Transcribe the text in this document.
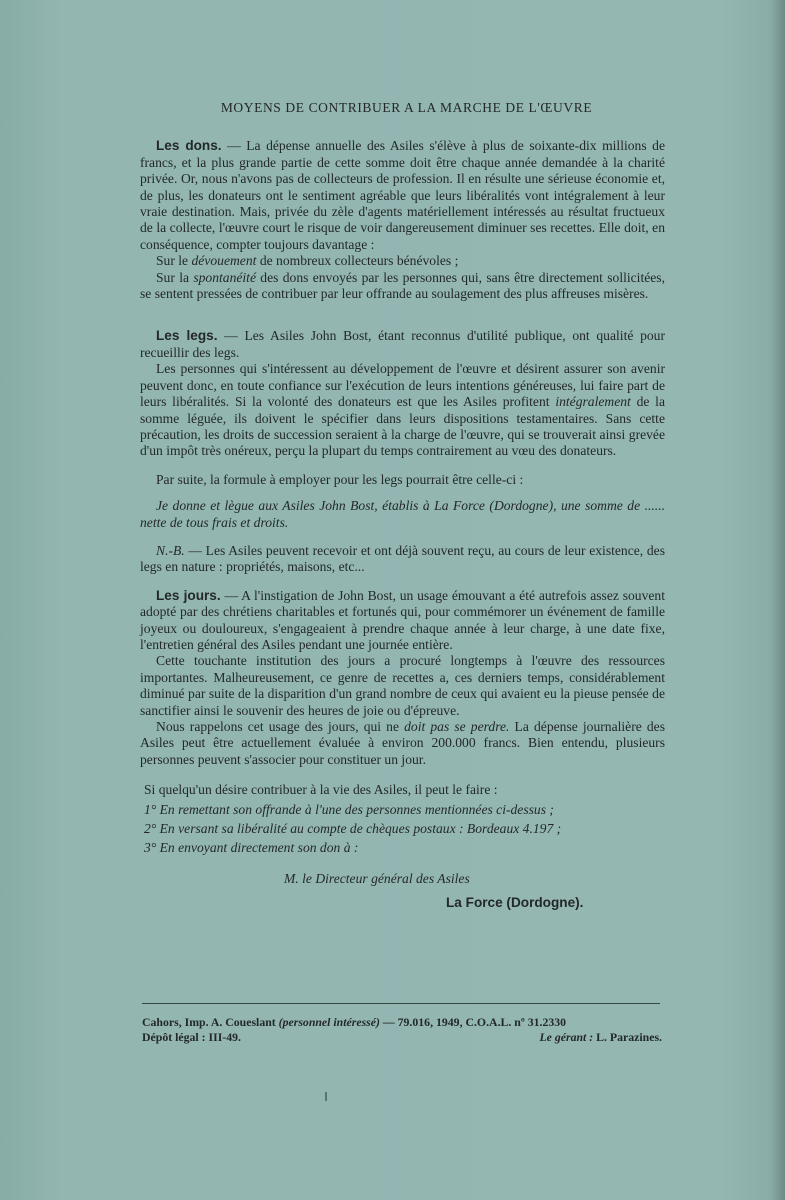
MOYENS DE CONTRIBUER A LA MARCHE DE L'ŒUVRE

Les dons. — La dépense annuelle des Asiles s'élève à plus de soixante-dix millions de francs, et la plus grande partie de cette somme doit être chaque année demandée à la charité privée. Or, nous n'avons pas de collecteurs de profession. Il en résulte une sérieuse économie et, de plus, les donateurs ont le sentiment agréable que leurs libéralités vont intégralement à leur vraie destination. Mais, privée du zèle d'agents matériellement intéressés au résultat fructueux de la collecte, l'œuvre court le risque de voir dangereusement diminuer ses recettes. Elle doit, en conséquence, compter toujours davantage :

Sur le dévouement de nombreux collecteurs bénévoles ;

Sur la spontanéité des dons envoyés par les personnes qui, sans être directement sollicitées, se sentent pressées de contribuer par leur offrande au soulagement des plus affreuses misères.

Les legs. — Les Asiles John Bost, étant reconnus d'utilité publique, ont qualité pour recueillir des legs.

Les personnes qui s'intéressent au développement de l'œuvre et désirent assurer son avenir peuvent donc, en toute confiance sur l'exécution de leurs intentions généreuses, lui faire part de leurs libéralités. Si la volonté des donateurs est que les Asiles profitent intégralement de la somme léguée, ils doivent le spécifier dans leurs dispositions testamentaires. Sans cette précaution, les droits de succession seraient à la charge de l'œuvre, qui se trouverait ainsi grevée d'un impôt très onéreux, perçu la plupart du temps contrairement au vœu des donateurs.

Par suite, la formule à employer pour les legs pourrait être celle-ci :

Je donne et lègue aux Asiles John Bost, établis à La Force (Dordogne), une somme de ...... nette de tous frais et droits.

N.-B. — Les Asiles peuvent recevoir et ont déjà souvent reçu, au cours de leur existence, des legs en nature : propriétés, maisons, etc...

Les jours. — A l'instigation de John Bost, un usage émouvant a été autrefois assez souvent adopté par des chrétiens charitables et fortunés qui, pour commémorer un événement de famille joyeux ou douloureux, s'engageaient à prendre chaque année à leur charge, à une date fixe, l'entretien général des Asiles pendant une journée entière.

Cette touchante institution des jours a procuré longtemps à l'œuvre des ressources importantes. Malheureusement, ce genre de recettes a, ces derniers temps, considérablement diminué par suite de la disparition d'un grand nombre de ceux qui avaient eu la pieuse pensée de sanctifier ainsi le souvenir des heures de joie ou d'épreuve.

Nous rappelons cet usage des jours, qui ne doit pas se perdre. La dépense journalière des Asiles peut être actuellement évaluée à environ 200.000 francs. Bien entendu, plusieurs personnes peuvent s'associer pour constituer un jour.

Si quelqu'un désire contribuer à la vie des Asiles, il peut le faire :

1° En remettant son offrande à l'une des personnes mentionnées ci-dessus ;

2° En versant sa libéralité au compte de chèques postaux : Bordeaux 4.197 ;

3° En envoyant directement son don à :

M. le Directeur général des Asiles

La Force (Dordogne).

Cahors, Imp. A. Coueslant (personnel intéressé) — 79.016, 1949, C.O.A.L. nº 31.2330
Dépôt légal : III-49.	Le gérant : L. Parazines.
